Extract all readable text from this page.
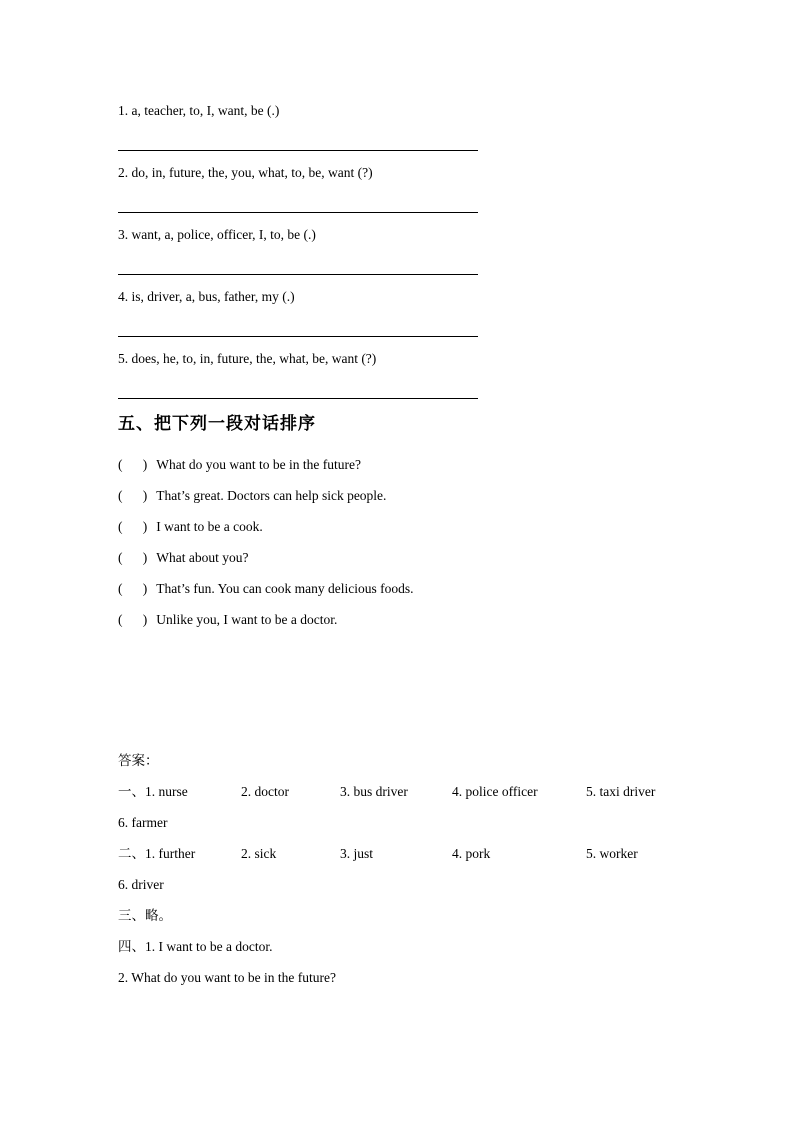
1. a, teacher, to, I, want, be (.)
2. do, in, future, the, you, what, to, be, want (?)
3. want, a, police, officer, I, to, be (.)
4. is, driver, a, bus, father, my (.)
5. does, he, to, in, future, the, what, be, want (?)
五、把下列一段对话排序
(      ) What do you want to be in the future?
(      ) That’s great. Doctors can help sick people.
(      ) I want to be a cook.
(      ) What about you?
(      ) That’s fun. You can cook many delicious foods.
(      ) Unlike you, I want to be a doctor.
答案：
一、1. nurse	2. doctor	3. bus driver	4. police officer	5. taxi driver
6. farmer
二、1. further	2. sick	3. just	4. pork	5. worker
6. driver
三、略。
四、1. I want to be a doctor.
2. What do you want to be in the future?
